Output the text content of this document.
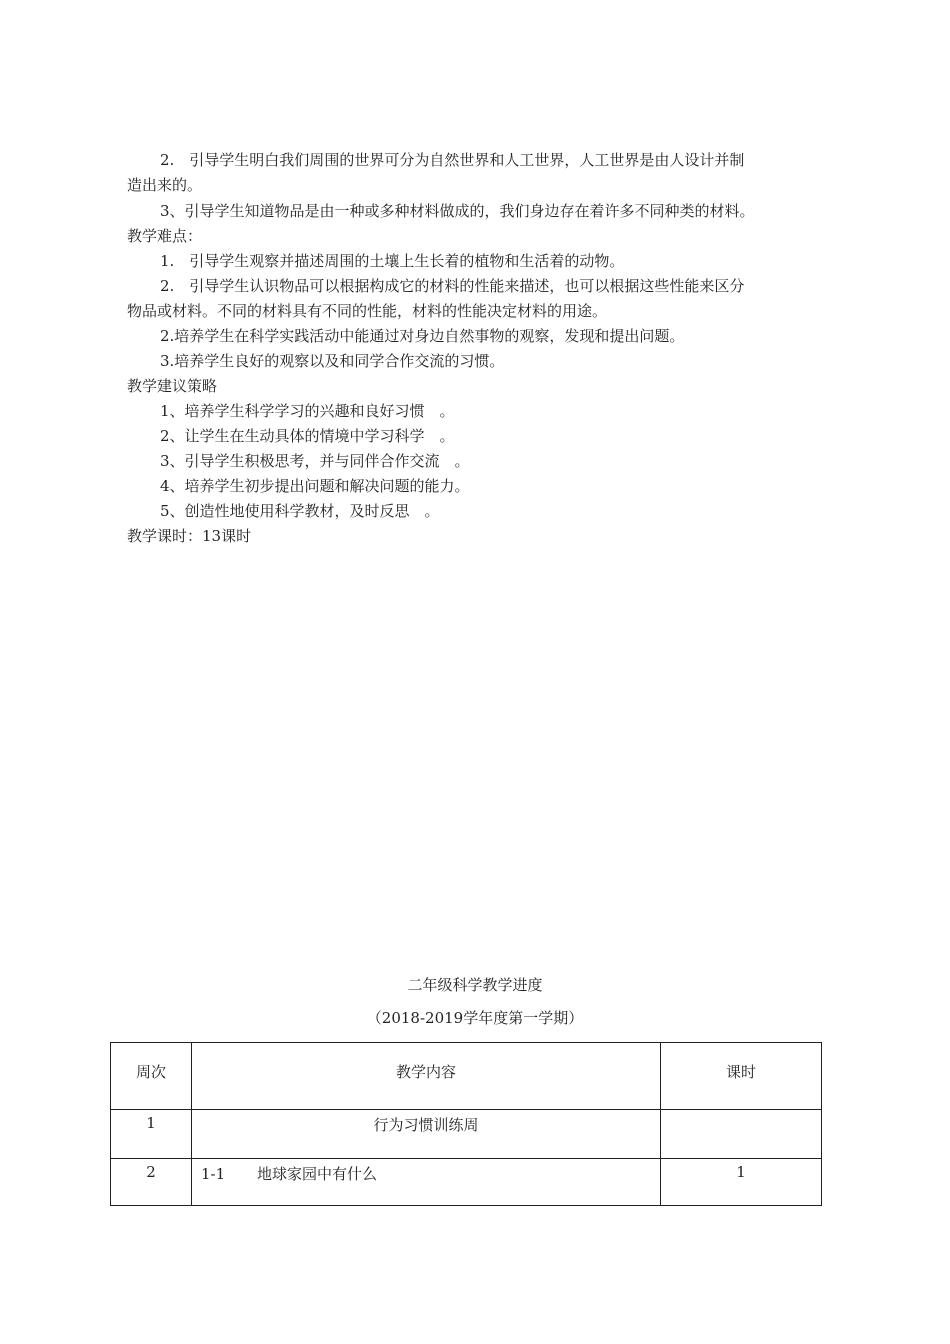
2.　引导学生明白我们周围的世界可分为自然世界和人工世界，人工世界是由人设计并制
造出来的。
3、引导学生知道物品是由一种或多种材料做成的，我们身边存在着许多不同种类的材料。
教学难点：
1.　引导学生观察并描述周围的土壤上生长着的植物和生活着的动物。
2.　引导学生认识物品可以根据构成它的材料的性能来描述，也可以根据这些性能来区分
物品或材料。不同的材料具有不同的性能，材料的性能决定材料的用途。
2.培养学生在科学实践活动中能通过对身边自然事物的观察，发现和提出问题。
3.培养学生良好的观察以及和同学合作交流的习惯。
教学建议策略
1、培养学生科学学习的兴趣和良好习惯　。
2、让学生在生动具体的情境中学习科学　。
3、引导学生积极思考，并与同伴合作交流　。
4、培养学生初步提出问题和解决问题的能力。
5、创造性地使用科学教材，及时反思　。
教学课时：13课时
二年级科学教学进度
（2018-2019学年度第一学期）
周次	教学内容	课时

1	行为习惯训练周	

2	1-1 地球家园中有什么	1
